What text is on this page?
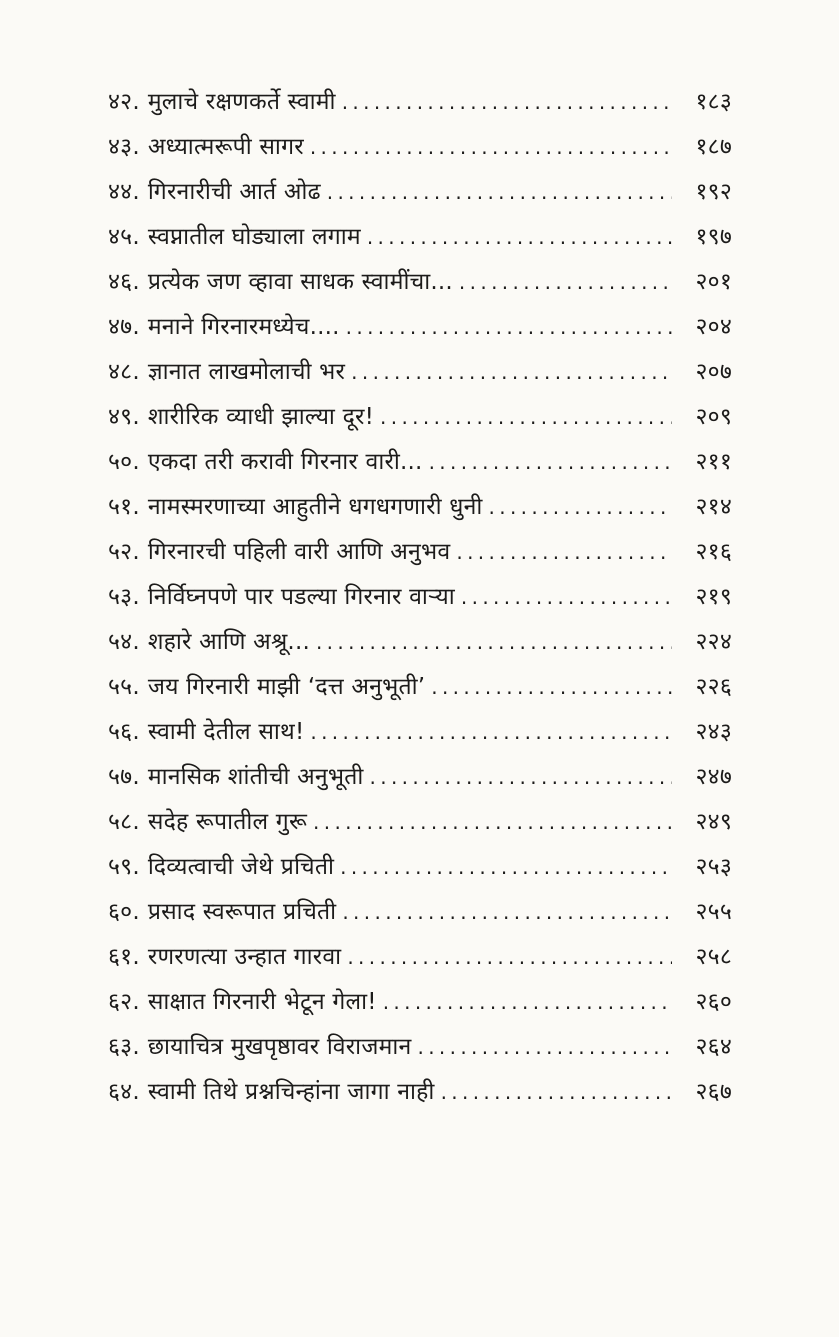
४२. मुलाचे रक्षणकर्ते स्वामी . . .	१८३
४३. अध्यात्मरूपी सागर . . .	१८७
४४. गिरनारीची आर्त ओढ . . .	१९२
४५. स्वप्नातील घोड्याला लगाम . . .	१९७
४६. प्रत्येक जण व्हावा साधक स्वामींचा... . . .	२०१
४७. मनाने गिरनारमध्येच.... . . .	२०४
४८. ज्ञानात लाखमोलाची भर . . .	२०७
४९. शारीरिक व्याधी झाल्या दूर! . . .	२०९
५०. एकदा तरी करावी गिरनार वारी... . . .	२११
५१. नामस्मरणाच्या आहुतीने धगधगणारी धुनी . . .	२१४
५२. गिरनारची पहिली वारी आणि अनुभव . . .	२१६
५३. निर्विघ्नपणे पार पडल्या गिरनार वाऱ्या . . .	२१९
५४. शहारे आणि अश्रू... . . .	२२४
५५. जय गिरनारी माझी ‘दत्त अनुभूती’ . . .	२२६
५६. स्वामी देतील साथ! . . .	२४३
५७. मानसिक शांतीची अनुभूती . . .	२४७
५८. सदेह रूपातील गुरू . . .	२४९
५९. दिव्यत्वाची जेथे प्रचिती . . .	२५३
६०. प्रसाद स्वरूपात प्रचिती . . .	२५५
६१. रणरणत्या उन्हात गारवा . . .	२५८
६२. साक्षात गिरनारी भेटून गेला! . . .	२६०
६३. छायाचित्र मुखपृष्ठावर विराजमान . . .	२६४
६४. स्वामी तिथे प्रश्नचिन्हांना जागा नाही . . .	२६७
